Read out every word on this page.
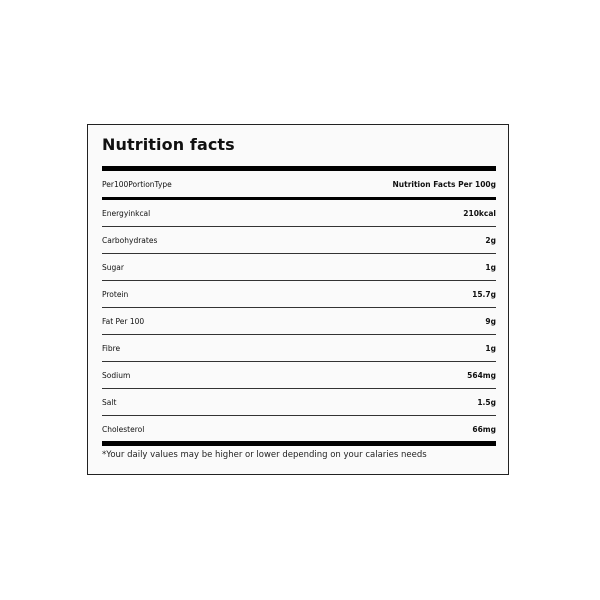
Nutrition facts
Per100PortionType	Nutrition Facts Per 100g
Energyinkcal	210kcal
Carbohydrates	2g
Sugar	1g
Protein	15.7g
Fat Per 100	9g
Fibre	1g
Sodium	564mg
Salt	1.5g
Cholesterol	66mg
*Your daily values may be higher or lower depending on your calaries needs
